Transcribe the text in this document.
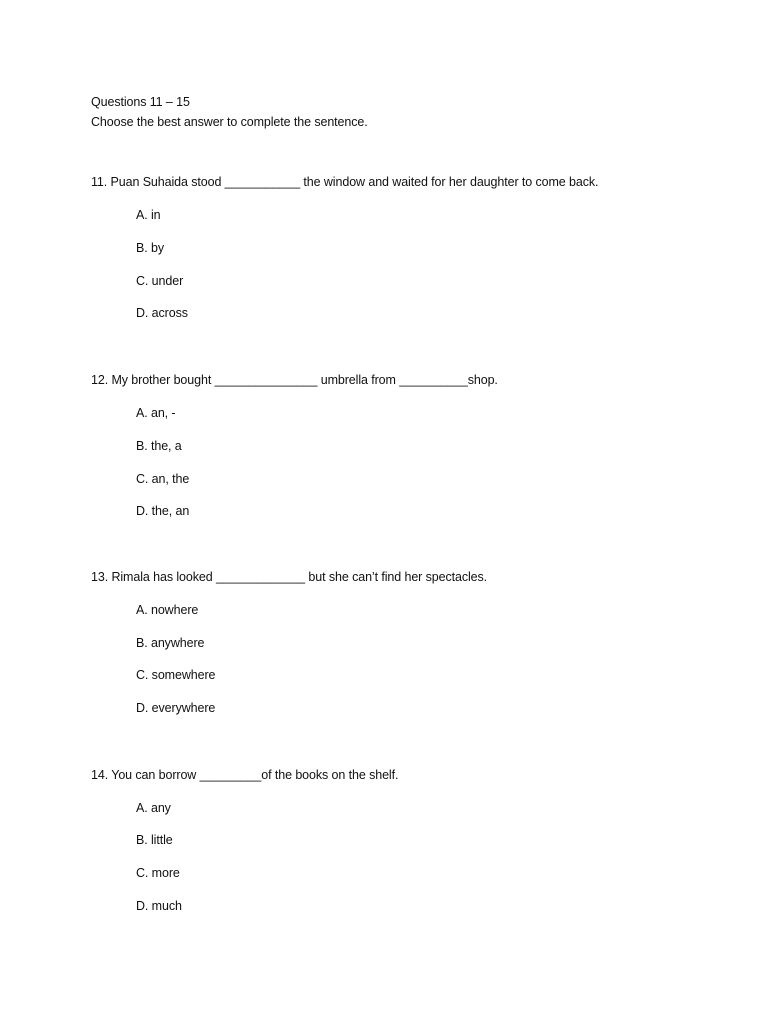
Questions 11 – 15
Choose the best answer to complete the sentence.
11. Puan Suhaida stood ___________ the window and waited for her daughter to come back.
A. in
B. by
C. under
D. across
12. My brother bought _______________ umbrella from __________shop.
A. an, -
B. the, a
C. an, the
D. the, an
13. Rimala has looked _____________ but she can’t find her spectacles.
A. nowhere
B. anywhere
C. somewhere
D. everywhere
14. You can borrow _________of the books on the shelf.
A. any
B. little
C. more
D. much
